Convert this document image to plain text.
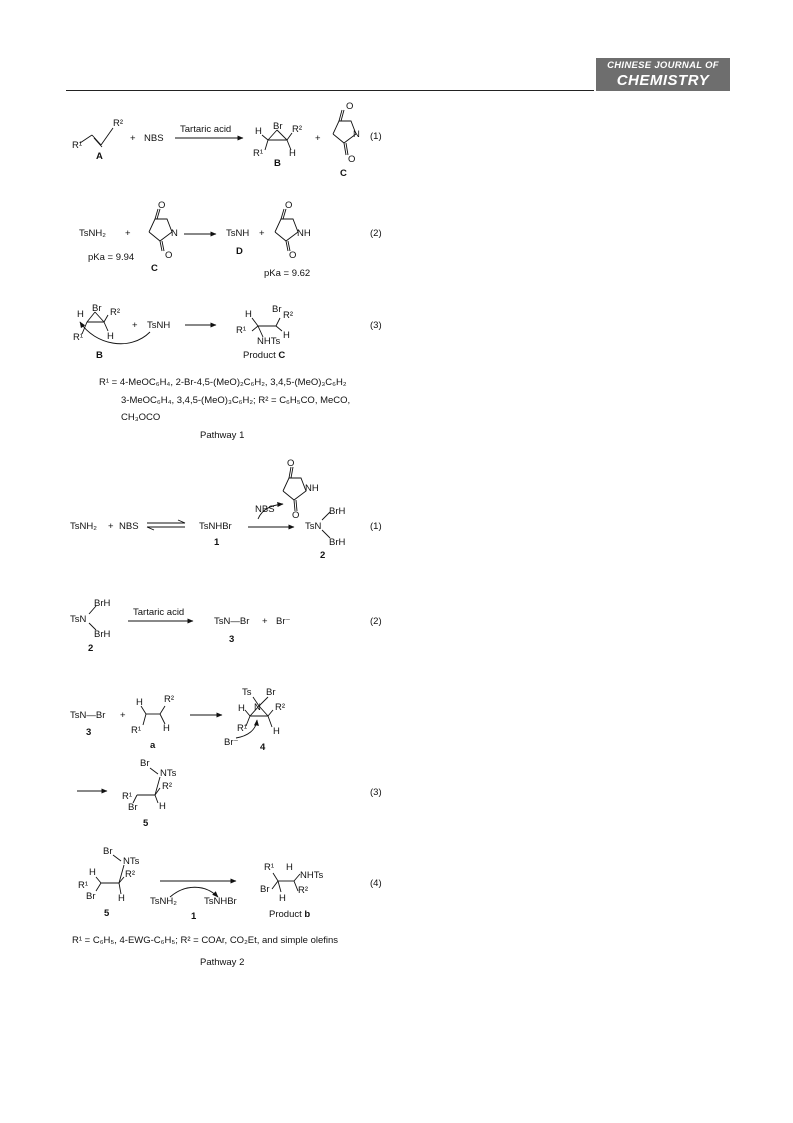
CHINESE JOURNAL OF
CHEMISTRY
R¹
R²
A
+ NBS
Tartaric acid	H Br R²
R¹	H
B
+
O
N
O
C
(1)
TsNH₂ +
pKa = 9.94
O
N
O
C
TsNH
D
+
O
NH
O
pKa = 9.62
(2)
H
Br R²
R¹	H
B
+ TsNH
H Br
R²
R¹
NHTs
H
Product C
(3)
R¹ = 4-MeOC₆H₄, 2-Br-4,5-(MeO)₂C₆H₂, 3,4,5-(MeO)₃C₆H₂
3-MeOC₆H₄, 3,4,5-(MeO)₃C₆H₂; R² = C₆H₅CO, MeCO,
CH₃OCO
Pathway 1
TsNH₂ + NBS	TsNHBr
1
NBS
O
NH
O
TsN
BrH
BrH
2
(1)
BrH
TsN
BrH
2
Tartaric acid
TsN—Br
3
+ Br⁻	(2)
TsN—Br
3
+
H R²
R¹ H
a
Ts Br
N
H	R²
R¹	H
Br⁻ 4
Br
NTs
R¹
R²
Br H
5
(3)
Br
NTs
H	R²
R¹
Br H
5
TsNH₂	TsNHBr
1
R¹ H
NHTs
Br
H
R²
Product b
(4)
R¹ = C₆H₅, 4-EWG-C₆H₅; R² = COAr, CO₂Et, and simple olefins
Pathway 2
